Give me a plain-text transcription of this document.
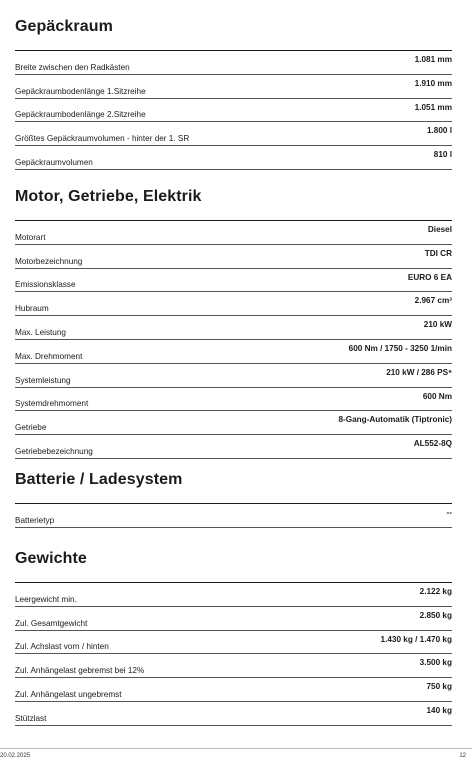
Gepäckraum
Breite zwischen den Radkästen
1.081 mm
Gepäckraumbodenlänge 1.Sitzreihe
1.910 mm
Gepäckraumbodenlänge 2.Sitzreihe
1.051 mm
Größtes Gepäckraumvolumen - hinter der 1. SR
1.800 l
Gepäckraumvolumen
810 l
Motor, Getriebe, Elektrik
Motorart
Diesel
Motorbezeichnung
TDI CR
Emissionsklasse
EURO 6 EA
Hubraum
2.967 cm³
Max. Leistung
210 kW
Max. Drehmoment
600 Nm / 1750 - 3250 1/min
Systemleistung
210 kW / 286 PS⁹
Systemdrehmoment
600 Nm
Getriebe
8-Gang-Automatik (Tiptronic)
Getriebebezeichnung
AL552-8Q
Batterie / Ladesystem
Batterietyp
--
Gewichte
Leergewicht min.
2.122 kg
Zul. Gesamtgewicht
2.850 kg
Zul. Achslast vorn / hinten
1.430 kg / 1.470 kg
Zul. Anhängelast gebremst bei 12%
3.500 kg
Zul. Anhängelast ungebremst
750 kg
Stützlast
140 kg
20.02.2025	12
